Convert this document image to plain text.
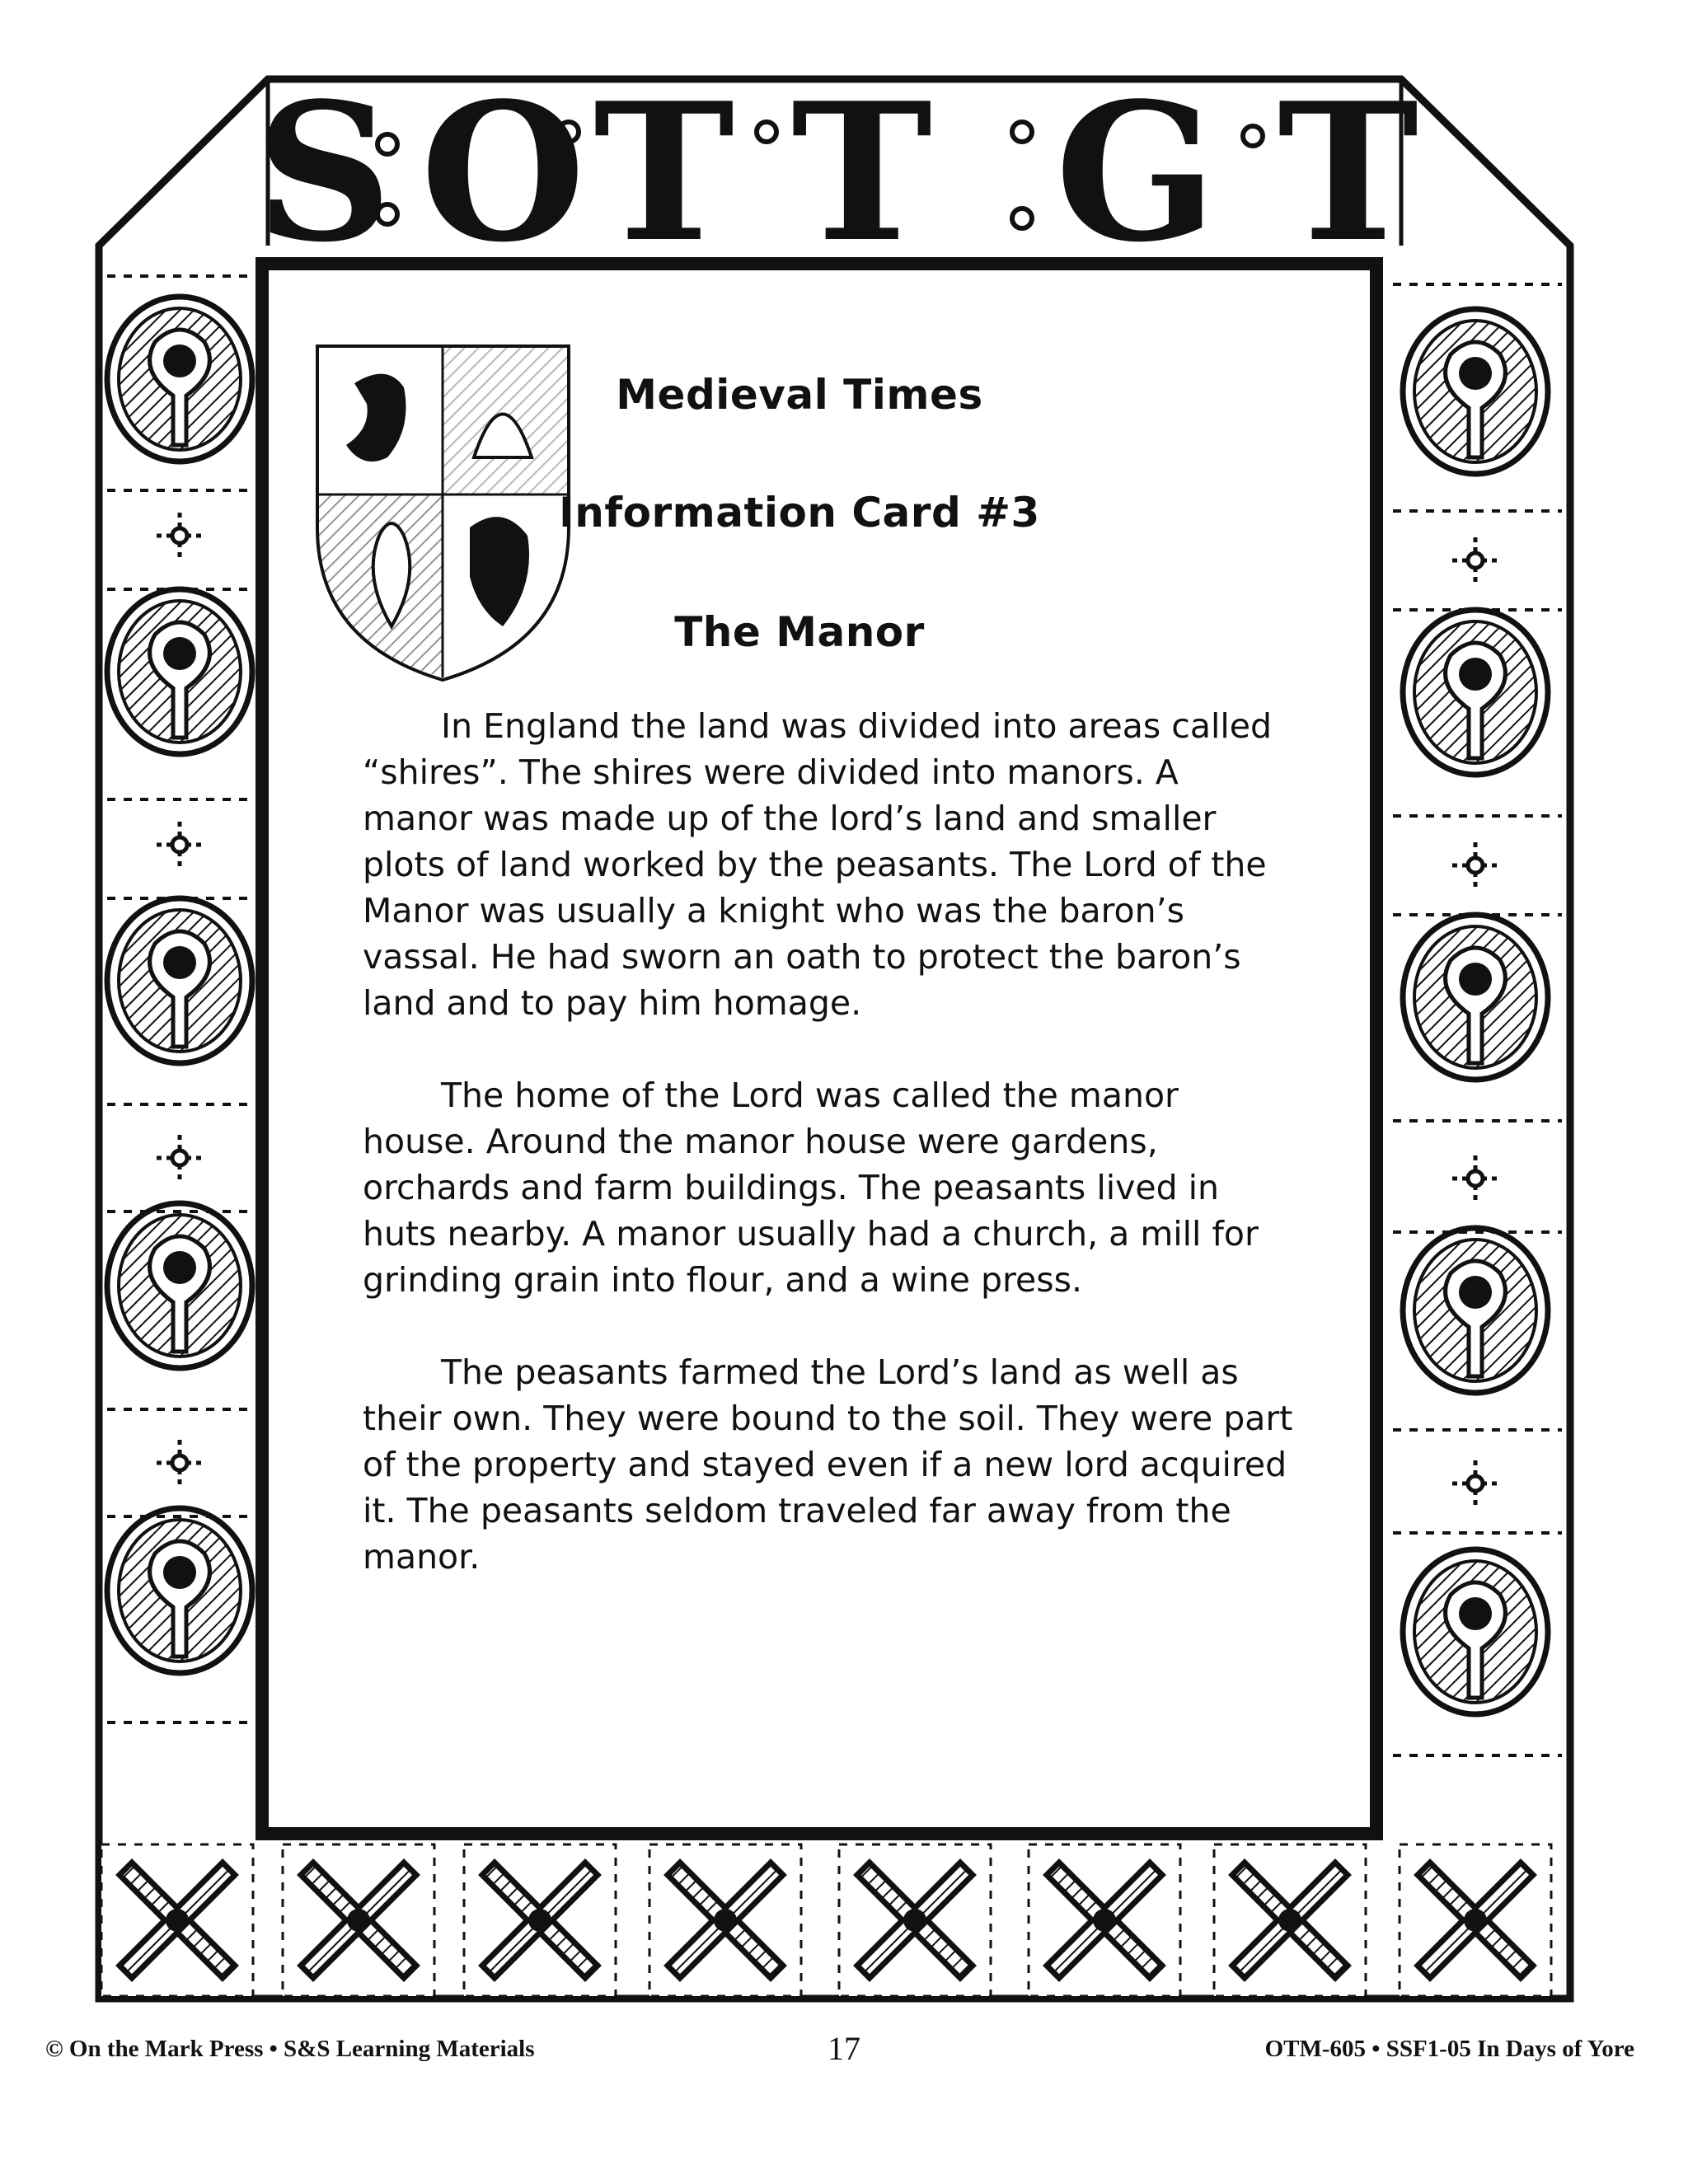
S O T T G T
Medieval Times
Information Card #3
The Manor

In England the land was divided into areas called “shires”. The shires were divided into manors. A manor was made up of the lord’s land and smaller plots of land worked by the peasants. The Lord of the Manor was usually a knight who was the baron’s vassal. He had sworn an oath to protect the baron’s land and to pay him homage.

The home of the Lord was called the manor house. Around the manor house were gardens, orchards and farm buildings. The peasants lived in huts nearby. A manor usually had a church, a mill for grinding grain into flour, and a wine press.

The peasants farmed the Lord’s land as well as their own. They were bound to the soil. They were part of the property and stayed even if a new lord acquired it. The peasants seldom traveled far away from the manor.

© On the Mark Press • S&S Learning Materials	17	OTM-605 • SSF1-05 In Days of Yore
